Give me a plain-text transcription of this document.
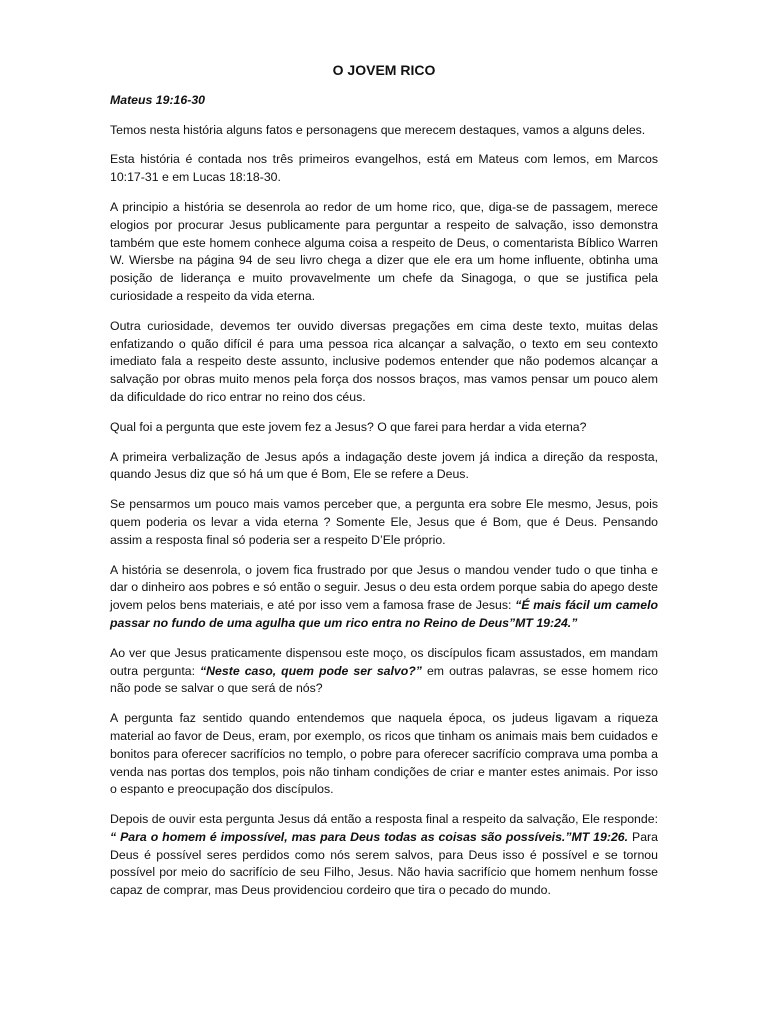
O JOVEM RICO
Mateus 19:16-30

Temos nesta história alguns fatos e personagens que merecem destaques, vamos a alguns deles.

Esta história é contada nos três primeiros evangelhos, está em Mateus com lemos, em Marcos 10:17-31 e em Lucas 18:18-30.

A principio a história se desenrola ao redor de um home rico, que, diga-se de passagem, merece elogios por procurar Jesus publicamente para perguntar a respeito de salvação, isso demonstra também que este homem conhece alguma coisa a respeito de Deus, o comentarista Bíblico Warren W. Wiersbe na página 94 de seu livro chega a dizer que ele era um home influente, obtinha uma posição de liderança e muito provavelmente um chefe da Sinagoga, o que se justifica pela curiosidade a respeito da vida eterna.

Outra curiosidade, devemos ter ouvido diversas pregações em cima deste texto, muitas delas enfatizando o quão difícil é para uma pessoa rica alcançar a salvação, o texto em seu contexto imediato fala a respeito deste assunto, inclusive podemos entender que não podemos alcançar a salvação por obras muito menos pela força dos nossos braços, mas vamos pensar um pouco alem da dificuldade do rico entrar no reino dos céus.

Qual foi a pergunta que este jovem fez a Jesus? O que farei para herdar a vida eterna?

A primeira verbalização de Jesus após a indagação deste jovem já indica a direção da resposta, quando Jesus diz que só há um que é Bom, Ele se refere a Deus.

Se pensarmos um pouco mais vamos perceber que, a pergunta era sobre Ele mesmo, Jesus, pois quem poderia os levar a vida eterna ? Somente Ele, Jesus que é Bom, que é Deus. Pensando assim a resposta final só poderia ser a respeito D’Ele próprio.

A história se desenrola, o jovem fica frustrado por que Jesus o mandou vender tudo o que tinha e dar o dinheiro aos pobres e só então o seguir. Jesus o deu esta ordem porque sabia do apego deste jovem pelos bens materiais, e até por isso vem a famosa frase de Jesus: “É mais fácil um camelo passar no fundo de uma agulha que um rico entra no Reino de Deus”MT 19:24.”

Ao ver que Jesus praticamente dispensou este moço, os discípulos ficam assustados, em mandam outra pergunta: “Neste caso, quem pode ser salvo?” em outras palavras, se esse homem rico não pode se salvar o que será de nós?

A pergunta faz sentido quando entendemos que naquela época, os judeus ligavam a riqueza material ao favor de Deus, eram, por exemplo, os ricos que tinham os animais mais bem cuidados e bonitos para oferecer sacrifícios no templo, o pobre para oferecer sacrifício comprava uma pomba a venda nas portas dos templos, pois não tinham condições de criar e manter estes animais. Por isso o espanto e preocupação dos discípulos.

Depois de ouvir esta pergunta Jesus dá então a resposta final a respeito da salvação, Ele responde: “ Para o homem é impossível, mas para Deus todas as coisas são possíveis.”MT 19:26. Para Deus é possível seres perdidos como nós serem salvos, para Deus isso é possível e se tornou possível por meio do sacrifício de seu Filho, Jesus. Não havia sacrifício que homem nenhum fosse capaz de comprar, mas Deus providenciou cordeiro que tira o pecado do mundo.
